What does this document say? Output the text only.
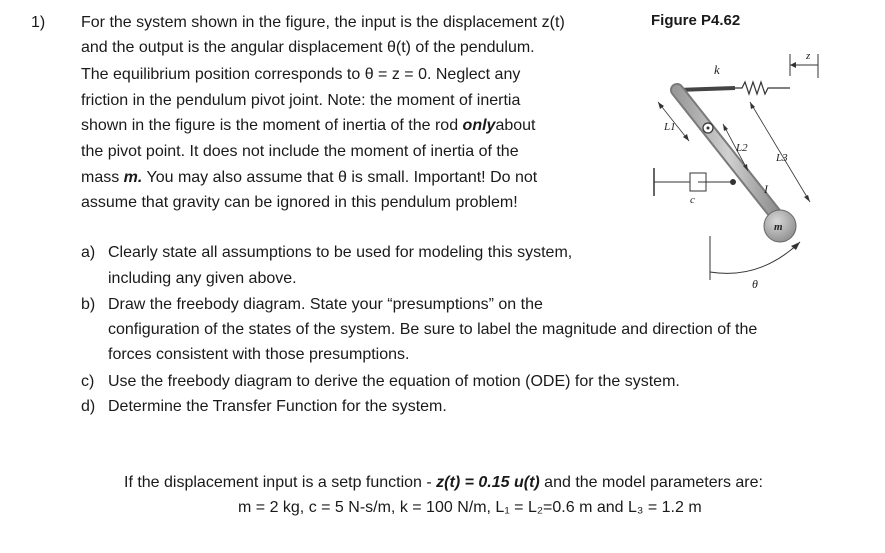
1) For the system shown in the figure, the input is the displacement z(t)
and the output is the angular displacement θ(t) of the pendulum.
The equilibrium position corresponds to θ = z = 0. Neglect any
friction in the pendulum pivot joint. Note: the moment of inertia
shown in the figure is the moment of inertia of the rod onlyabout
the pivot point. It does not include the moment of inertia of the
mass m. You may also assume that θ is small. Important! Do not
assume that gravity can be ignored in this pendulum problem!
Figure P4.62
z
k
c
L1
L2
L3
I
m
θ
a) Clearly state all assumptions to be used for modeling this system,
including any given above.
b) Draw the freebody diagram. State your “presumptions” on the
configuration of the states of the system. Be sure to label the magnitude and direction of the
forces consistent with those presumptions.
c) Use the freebody diagram to derive the equation of motion (ODE) for the system.
d) Determine the Transfer Function for the system.
If the displacement input is a setp function - z(t) = 0.15 u(t) and the model parameters are:
m = 2 kg, c = 5 N-s/m, k = 100 N/m, L₁ = L₂=0.6 m and L₃ = 1.2 m
